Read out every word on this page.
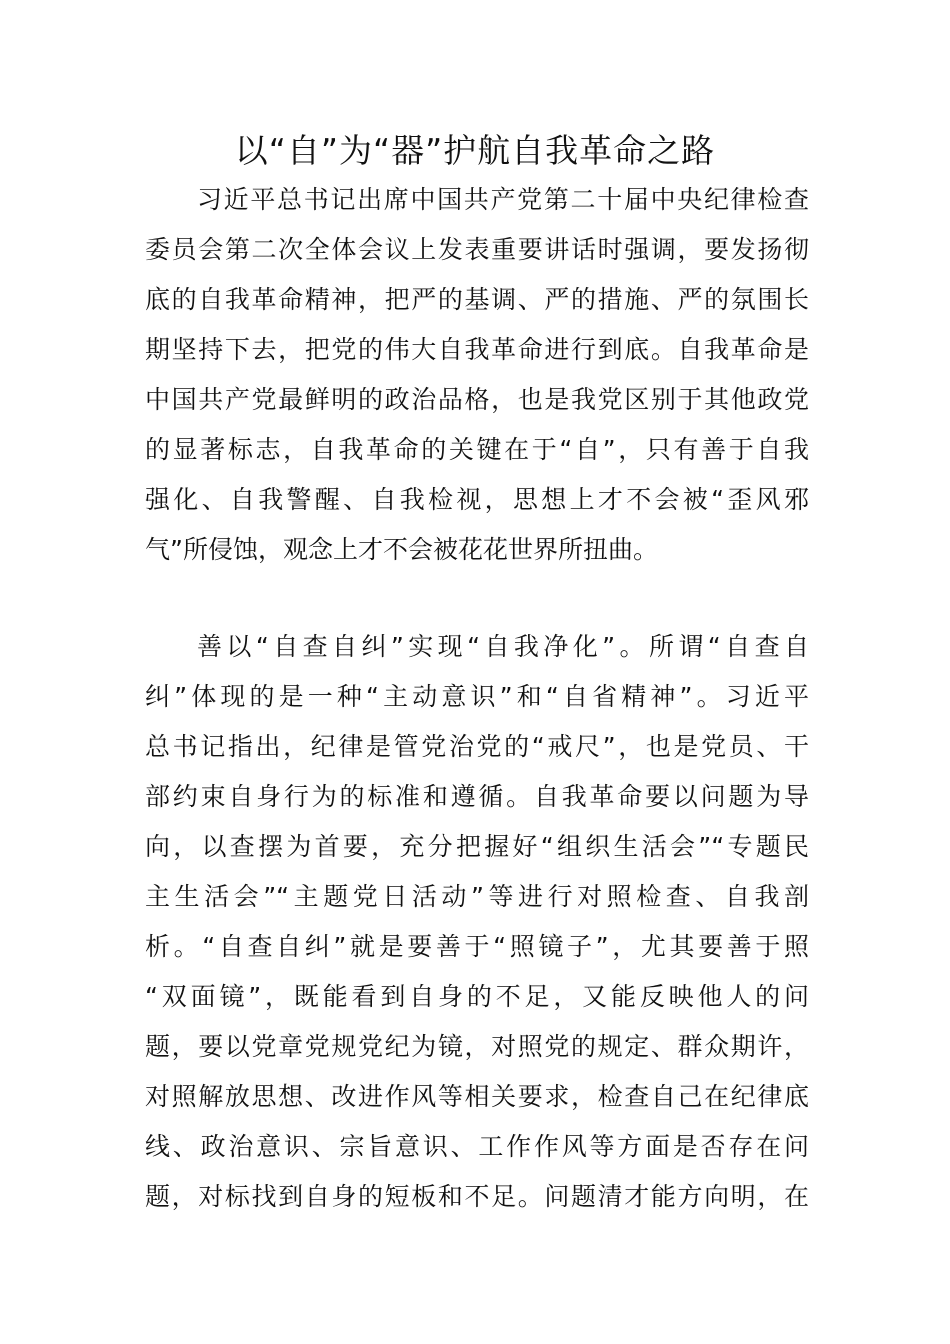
以“自”为“器”护航自我革命之路
习近平总书记出席中国共产党第二十届中央纪律检查
委员会第二次全体会议上发表重要讲话时强调，要发扬彻
底的自我革命精神，把严的基调、严的措施、严的氛围长
期坚持下去，把党的伟大自我革命进行到底。自我革命是
中国共产党最鲜明的政治品格，也是我党区别于其他政党
的显著标志，自我革命的关键在于“自”，只有善于自我
强化、自我警醒、自我检视，思想上才不会被“歪风邪
气”所侵蚀，观念上才不会被花花世界所扭曲。
善以“自查自纠”实现“自我净化”。所谓“自查自
纠”体现的是一种“主动意识”和“自省精神”。习近平
总书记指出，纪律是管党治党的“戒尺”，也是党员、干
部约束自身行为的标准和遵循。自我革命要以问题为导
向，以查摆为首要，充分把握好“组织生活会”“专题民
主生活会”“主题党日活动”等进行对照检查、自我剖
析。“自查自纠”就是要善于“照镜子”，尤其要善于照
“双面镜”，既能看到自身的不足，又能反映他人的问
题，要以党章党规党纪为镜，对照党的规定、群众期许，
对照解放思想、改进作风等相关要求，检查自己在纪律底
线、政治意识、宗旨意识、工作作风等方面是否存在问
题，对标找到自身的短板和不足。问题清才能方向明，在
